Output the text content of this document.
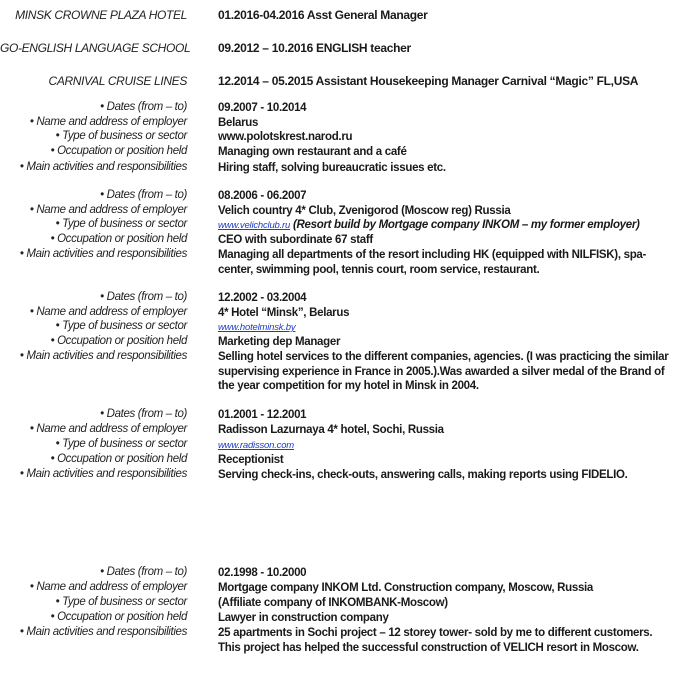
MINSK CROWNE PLAZA HOTEL	01.2016-04.2016 Asst General Manager
GO-ENGLISH LANGUAGE SCHOOL 09.2012 – 10.2016 ENGLISH teacher
CARNIVAL CRUISE LINES	12.2014 – 05.2015 Assistant Housekeeping Manager Carnival “Magic” FL,USA
• Dates (from – to)	09.2007 - 10.2014
• Name and address of employer	Belarus
• Type of business or sector	www.polotskrest.narod.ru
• Occupation or position held	Managing own restaurant and a café
• Main activities and responsibilities	Hiring staff, solving bureaucratic issues etc.
• Dates (from – to)	08.2006 - 06.2007
• Name and address of employer	Velich country 4* Club, Zvenigorod (Moscow reg) Russia
• Type of business or sector	www.velichclub.ru (Resort build by Mortgage company INKOM – my former employer)
• Occupation or position held	CEO with subordinate 67 staff
• Main activities and responsibilities	Managing all departments of the resort including HK (equipped with NILFISK), spa-
center, swimming pool, tennis court, room service, restaurant.
• Dates (from – to)	12.2002 - 03.2004
• Name and address of employer	4* Hotel “Minsk”, Belarus
• Type of business or sector	www.hotelminsk.by
• Occupation or position held	Marketing dep Manager
• Main activities and responsibilities	Selling hotel services to the different companies, agencies. (I was practicing the similar
supervising experience in France in 2005.).Was awarded a silver medal of the Brand of
the year competition for my hotel in Minsk in 2004.
• Dates (from – to)	01.2001 - 12.2001
• Name and address of employer	Radisson Lazurnaya 4* hotel, Sochi, Russia
• Type of business or sector	www.radisson.com
• Occupation or position held	Receptionist
• Main activities and responsibilities	Serving check-ins, check-outs, answering calls, making reports using FIDELIO.
• Dates (from – to)	02.1998 - 10.2000
• Name and address of employer	Mortgage company INKOM Ltd. Construction company, Moscow, Russia
• Type of business or sector	(Affiliate company of INKOMBANK-Moscow)
• Occupation or position held	Lawyer in construction company
• Main activities and responsibilities	25 apartments in Sochi project – 12 storey tower- sold by me to different customers.
This project has helped the successful construction of VELICH resort in Moscow.
